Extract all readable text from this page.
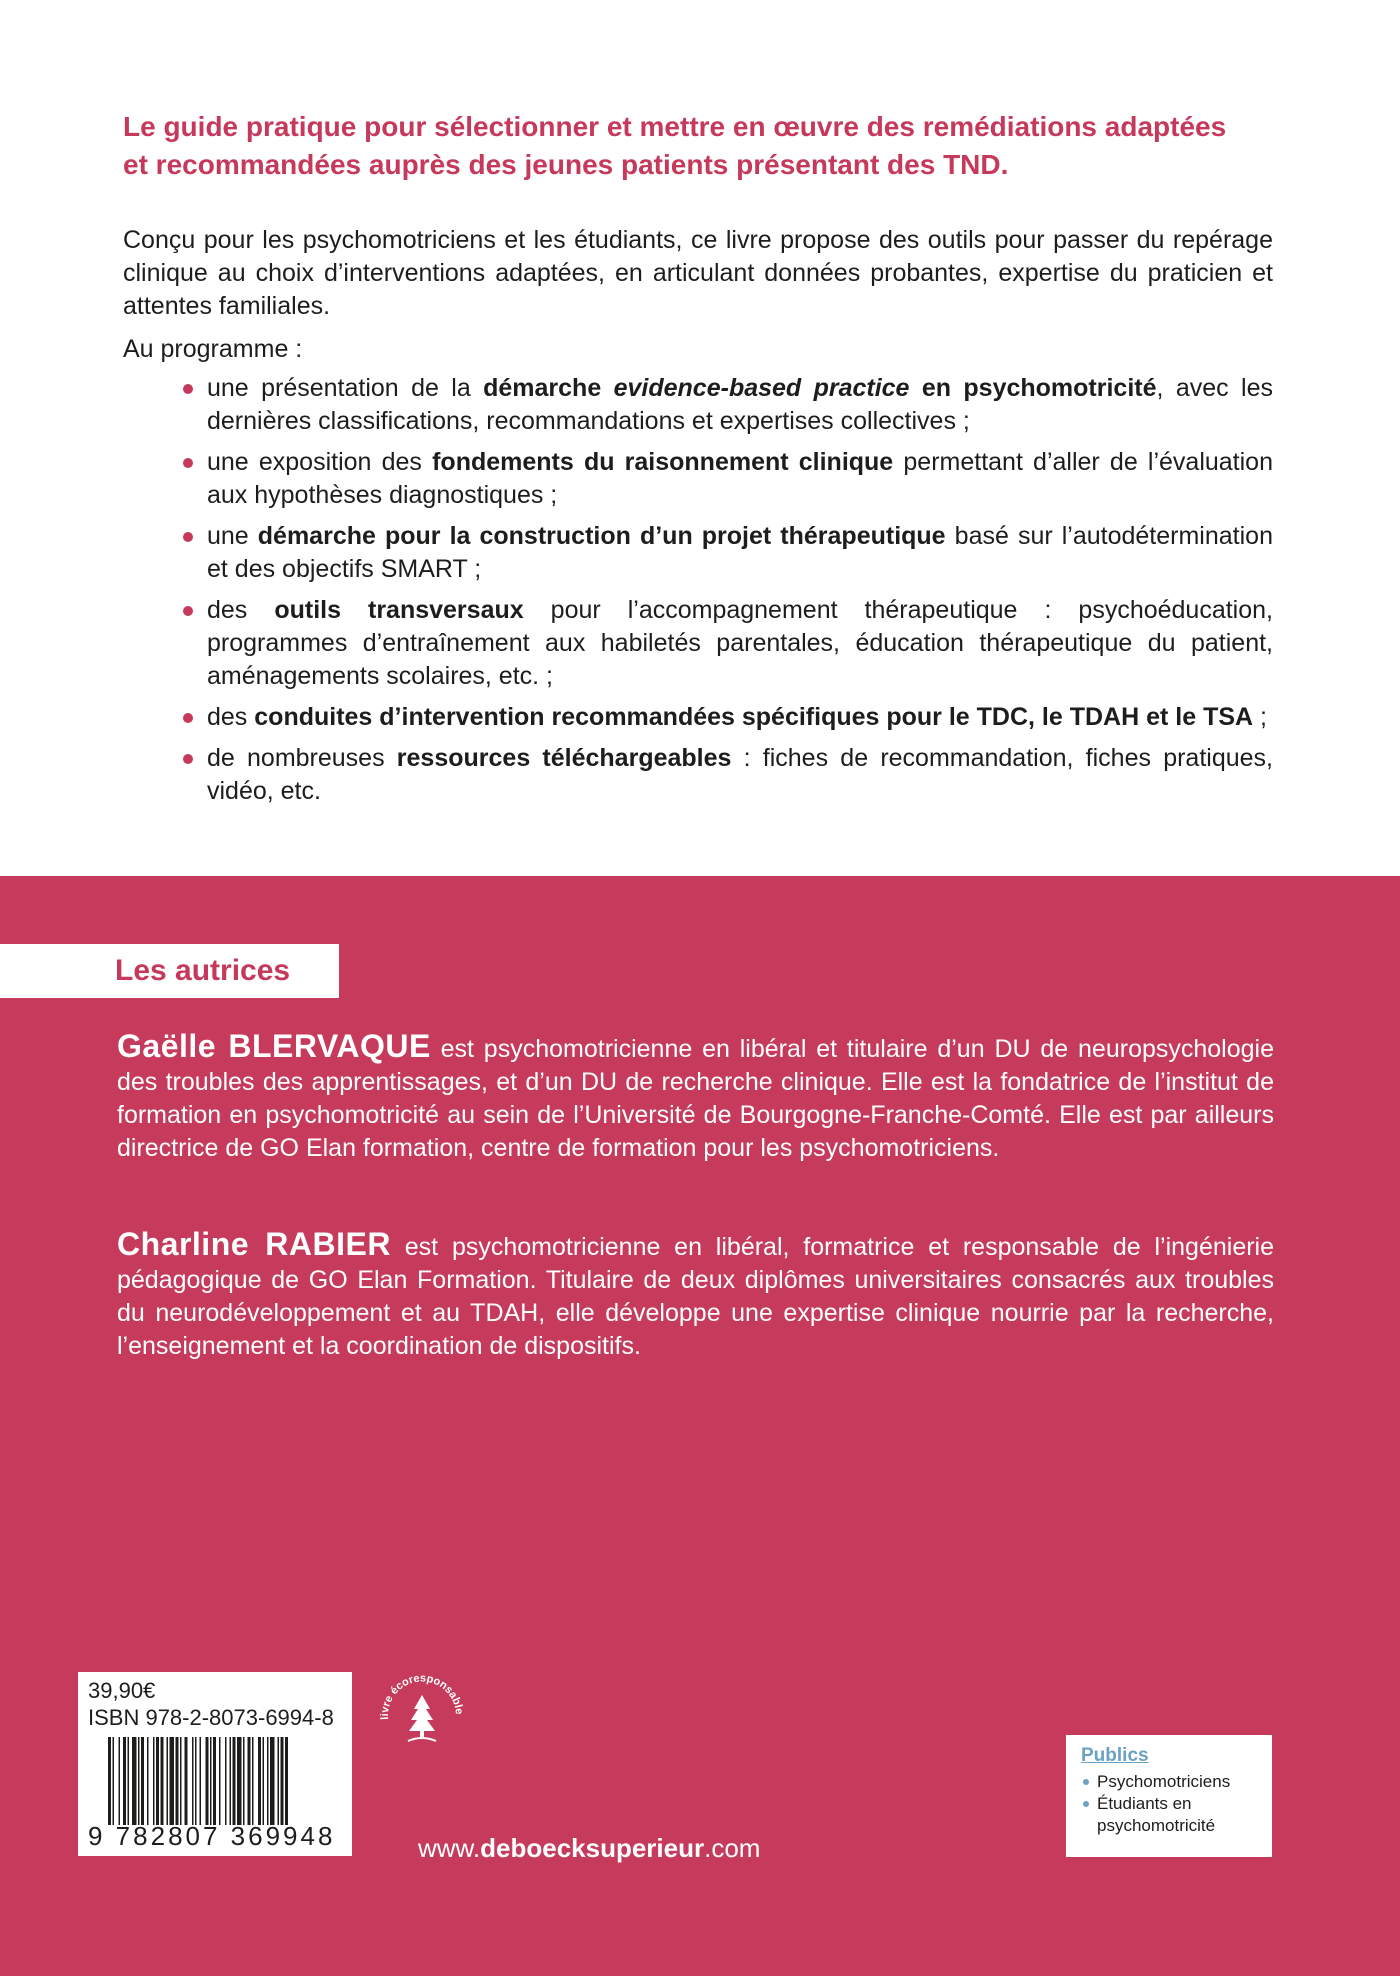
Le guide pratique pour sélectionner et mettre en œuvre des remédiations adaptées
et recommandées auprès des jeunes patients présentant des TND.

Conçu pour les psychomotriciens et les étudiants, ce livre propose des outils pour passer du repérage clinique au choix d’interventions adaptées, en articulant données probantes, expertise du praticien et attentes familiales.

Au programme :
une présentation de la démarche evidence-based practice en psychomotricité, avec les dernières classifications, recommandations et expertises collectives ;
une exposition des fondements du raisonnement clinique permettant d’aller de l’évaluation aux hypothèses diagnostiques ;
une démarche pour la construction d’un projet thérapeutique basé sur l’autodétermination et des objectifs SMART ;
des outils transversaux pour l’accompagnement thérapeutique : psychoéducation, programmes d’entraînement aux habiletés parentales, éducation thérapeutique du patient, aménagements scolaires, etc. ;
des conduites d’intervention recommandées spécifiques pour le TDC, le TDAH et le TSA ;
de nombreuses ressources téléchargeables : fiches de recommandation, fiches pratiques, vidéo, etc.
Les autrices

Gaëlle BLERVAQUE est psychomotricienne en libéral et titulaire d’un DU de neuropsychologie des troubles des apprentissages, et d’un DU de recherche clinique. Elle est la fondatrice de l’institut de formation en psychomotricité au sein de l’Université de Bourgogne-Franche-Comté. Elle est par ailleurs directrice de GO Elan formation, centre de formation pour les psychomotriciens.

Charline RABIER est psychomotricienne en libéral, formatrice et responsable de l’ingénierie pédagogique de GO Elan Formation. Titulaire de deux diplômes universitaires consacrés aux troubles du neurodéveloppement et au TDAH, elle développe une expertise clinique nourrie par la recherche, l’enseignement et la coordination de dispositifs.

39,90€
ISBN 978-2-8073-6994-8
9 782807 369948
livre écoresponsable
www.deboecksuperieur.com
Publics
Psychomotriciens
Étudiants en
psychomotricité
